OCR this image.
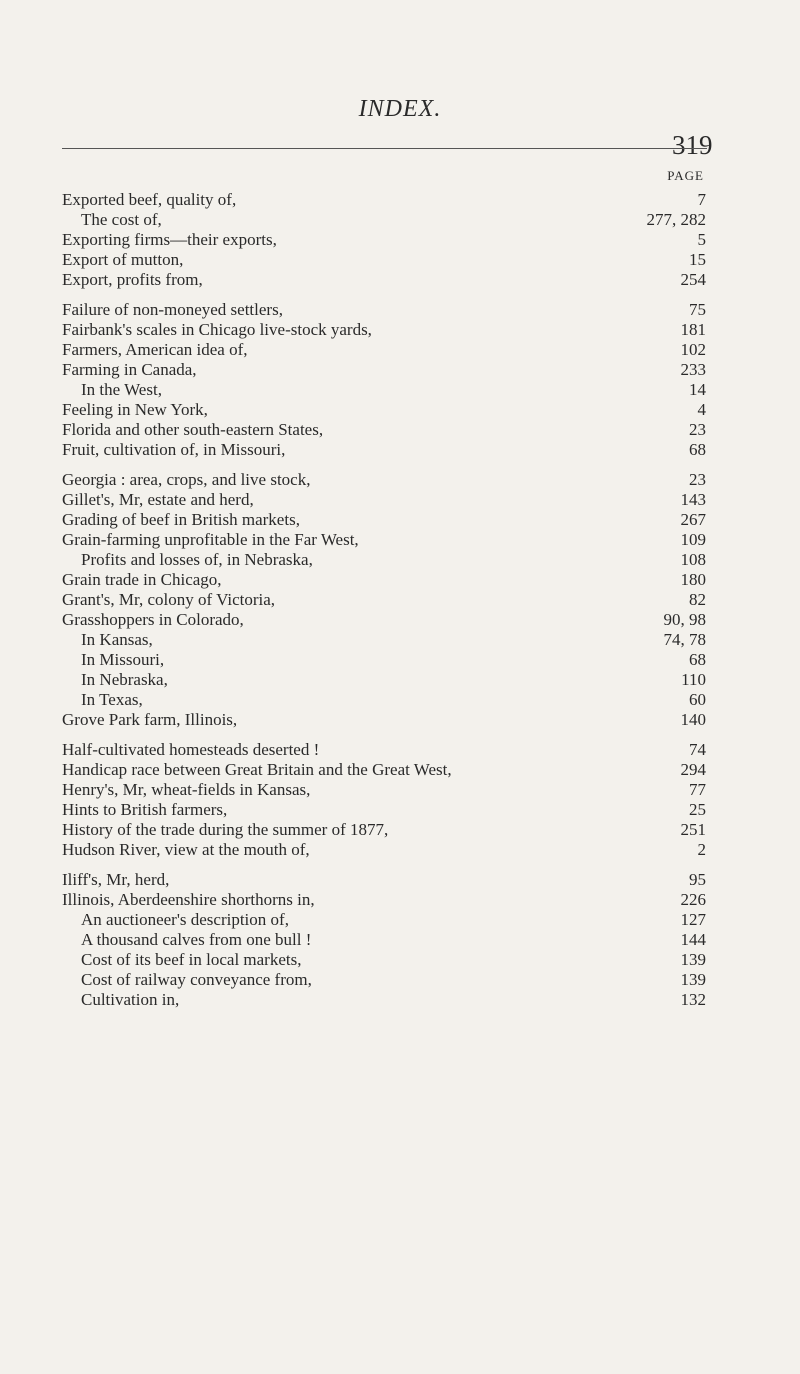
INDEX.
319
PAGE
Exported beef, quality of,	7
The cost of,	277, 282
Exporting firms—their exports,	5
Export of mutton,	15
Export, profits from,	254
Failure of non-moneyed settlers,	75
Fairbank's scales in Chicago live-stock yards,	181
Farmers, American idea of,	102
Farming in Canada,	233
In the West,	14
Feeling in New York,	4
Florida and other south-eastern States,	23
Fruit, cultivation of, in Missouri,	68
Georgia : area, crops, and live stock,	23
Gillet's, Mr, estate and herd,	143
Grading of beef in British markets,	267
Grain-farming unprofitable in the Far West,	109
Profits and losses of, in Nebraska,	108
Grain trade in Chicago,	180
Grant's, Mr, colony of Victoria,	82
Grasshoppers in Colorado,	90, 98
In Kansas,	74, 78
In Missouri,	68
In Nebraska,	110
In Texas,	60
Grove Park farm, Illinois,	140
Half-cultivated homesteads deserted !	74
Handicap race between Great Britain and the Great West,	294
Henry's, Mr, wheat-fields in Kansas,	77
Hints to British farmers,	25
History of the trade during the summer of 1877,	251
Hudson River, view at the mouth of,	2
Iliff's, Mr, herd,	95
Illinois, Aberdeenshire shorthorns in,	226
An auctioneer's description of,	127
A thousand calves from one bull !	144
Cost of its beef in local markets,	139
Cost of railway conveyance from,	139
Cultivation in,	132
